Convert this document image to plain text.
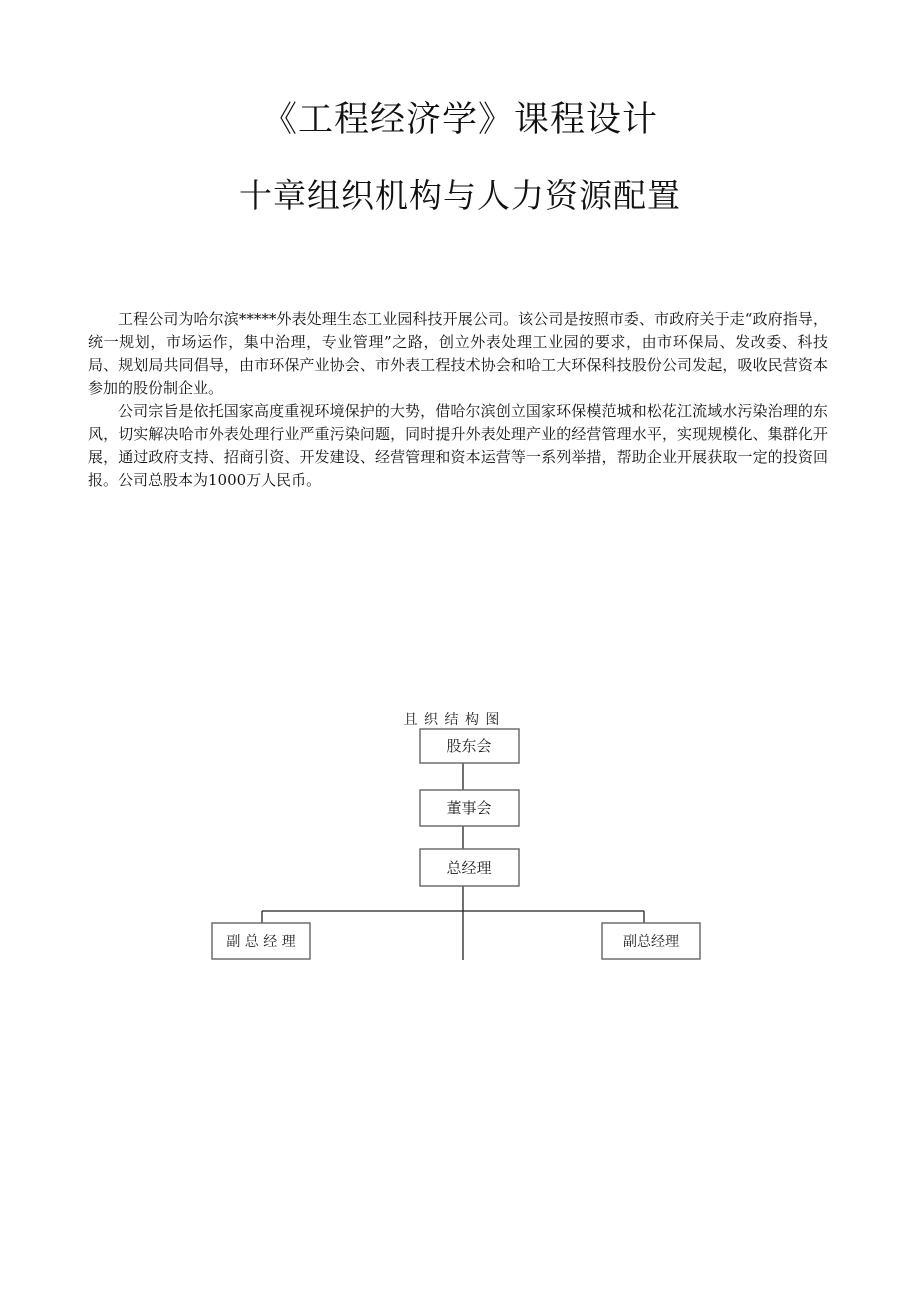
《工程经济学》课程设计
十章组织机构与人力资源配置

工程公司为哈尔滨*****外表处理生态工业园科技开展公司。该公司是按照市委、市政府关于走“政府指导，统一规划，市场运作，集中治理，专业管理”之路，创立外表处理工业园的要求，由市环保局、发改委、科技局、规划局共同倡导，由市环保产业协会、市外表工程技术协会和哈工大环保科技股份公司发起，吸收民营资本参加的股份制企业。

公司宗旨是依托国家高度重视环境保护的大势，借哈尔滨创立国家环保模范城和松花江流域水污染治理的东风，切实解决哈市外表处理行业严重污染问题，同时提升外表处理产业的经营管理水平，实现规模化、集群化开展，通过政府支持、招商引资、开发建设、经营管理和资本运营等一系列举措，帮助企业开展获取一定的投资回报。公司总股本为1000万人民币。

且 织 结 构 图
股东会
董事会
总经理
副 总 经 理	副总经理
